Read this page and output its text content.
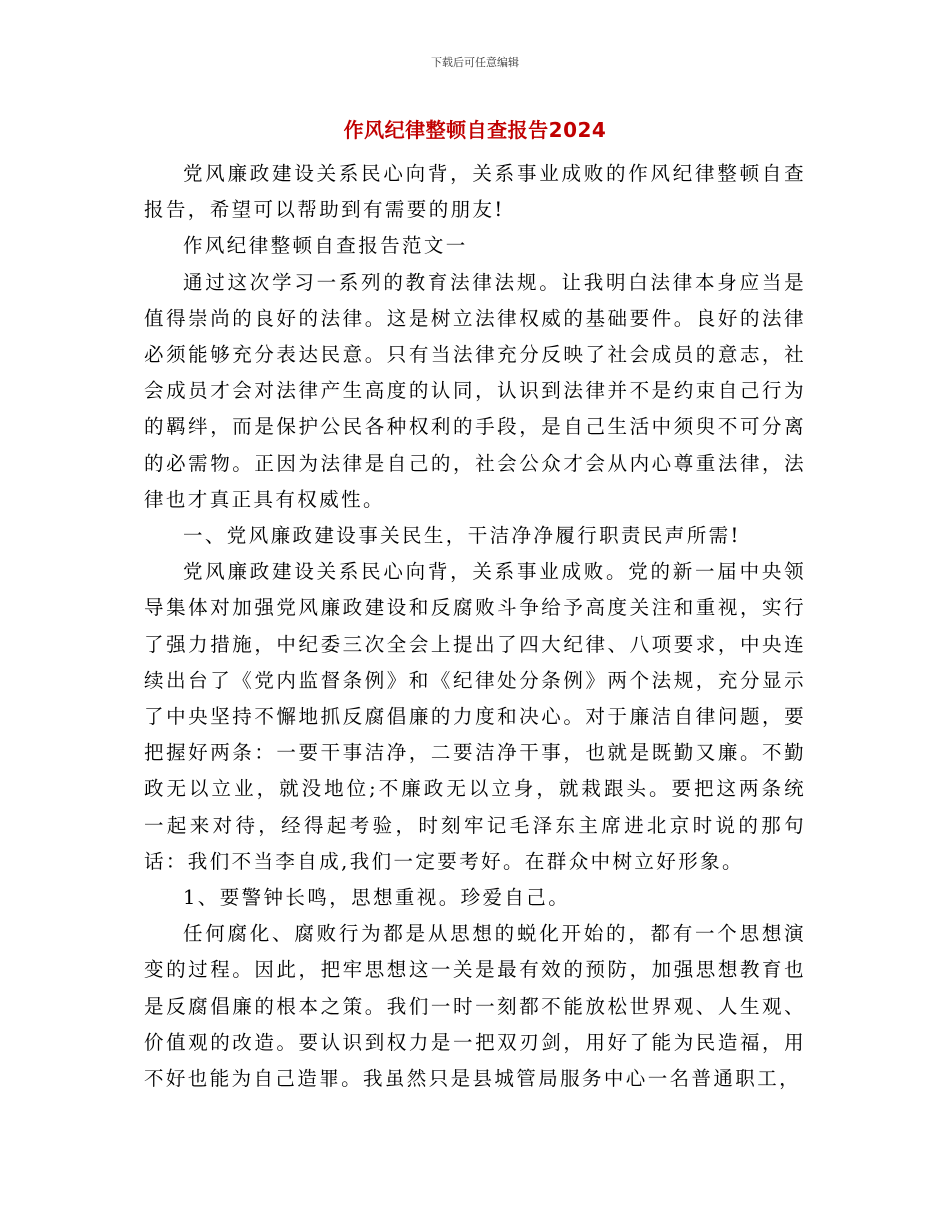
下载后可任意编辑
作风纪律整顿自查报告2024

党风廉政建设关系民心向背，关系事业成败的作风纪律整顿自查报告，希望可以帮助到有需要的朋友!

作风纪律整顿自查报告范文一

通过这次学习一系列的教育法律法规。让我明白法律本身应当是值得崇尚的良好的法律。这是树立法律权威的基础要件。良好的法律必须能够充分表达民意。只有当法律充分反映了社会成员的意志，社会成员才会对法律产生高度的认同，认识到法律并不是约束自己行为的羁绊，而是保护公民各种权利的手段，是自己生活中须臾不可分离的必需物。正因为法律是自己的，社会公众才会从内心尊重法律，法律也才真正具有权威性。

一、党风廉政建设事关民生，干洁净净履行职责民声所需!

党风廉政建设关系民心向背，关系事业成败。党的新一届中央领导集体对加强党风廉政建设和反腐败斗争给予高度关注和重视，实行了强力措施，中纪委三次全会上提出了四大纪律、八项要求，中央连续出台了《党内监督条例》和《纪律处分条例》两个法规，充分显示了中央坚持不懈地抓反腐倡廉的力度和决心。对于廉洁自律问题，要把握好两条：一要干事洁净，二要洁净干事，也就是既勤又廉。不勤政无以立业，就没地位;不廉政无以立身，就栽跟头。要把这两条统一起来对待，经得起考验，时刻牢记毛泽东主席进北京时说的那句话：我们不当李自成,我们一定要考好。在群众中树立好形象。

1、要警钟长鸣，思想重视。珍爱自己。

任何腐化、腐败行为都是从思想的蜕化开始的，都有一个思想演变的过程。因此，把牢思想这一关是最有效的预防，加强思想教育也是反腐倡廉的根本之策。我们一时一刻都不能放松世界观、人生观、价值观的改造。要认识到权力是一把双刃剑，用好了能为民造福，用不好也能为自己造罪。我虽然只是县城管局服务中心一名普通职工，
